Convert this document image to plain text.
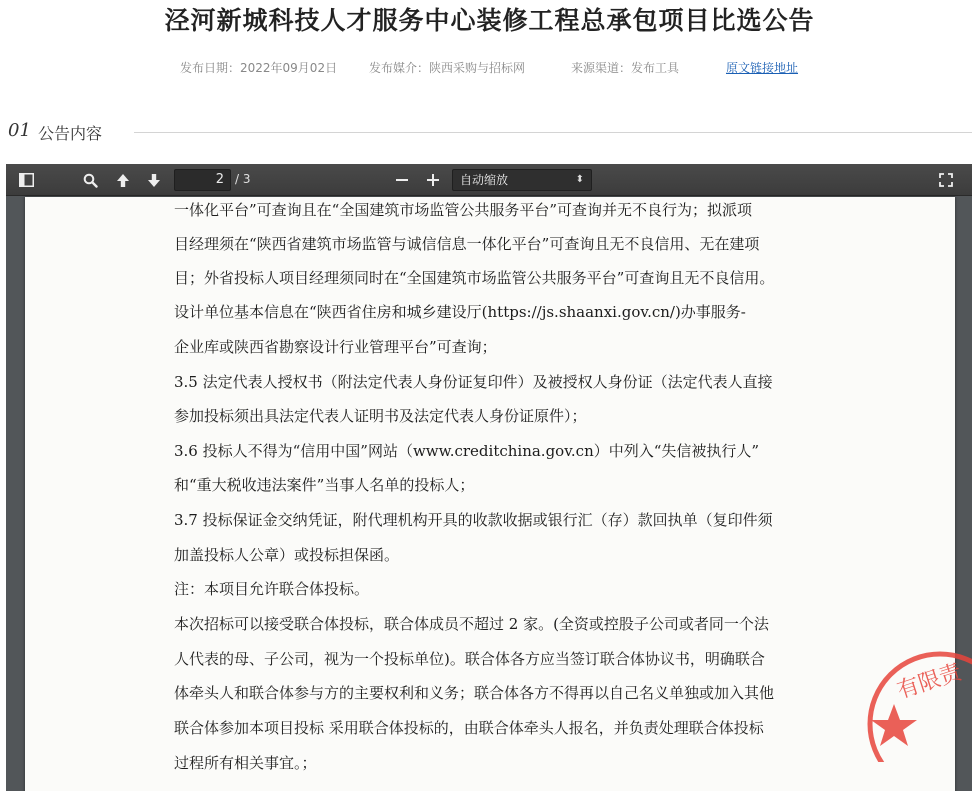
泾河新城科技人才服务中心装修工程总承包项目比选公告
发布日期：2022年09月02日	发布媒介：陕西采购与招标网	来源渠道：发布工具	原文链接地址
01 公告内容
2 / 3	自动缩放	⬍
一体化平台”可查询且在“全国建筑市场监管公共服务平台”可查询并无不良行为；拟派项
目经理须在“陕西省建筑市场监管与诚信信息一体化平台”可查询且无不良信用、无在建项
目；外省投标人项目经理须同时在“全国建筑市场监管公共服务平台”可查询且无不良信用。
设计单位基本信息在“陕西省住房和城乡建设厅(https://js.shaanxi.gov.cn/)办事服务-
企业库或陕西省勘察设计行业管理平台”可查询；
3.5 法定代表人授权书（附法定代表人身份证复印件）及被授权人身份证（法定代表人直接
参加投标须出具法定代表人证明书及法定代表人身份证原件）；
3.6 投标人不得为“信用中国”网站（www.creditchina.gov.cn）中列入“失信被执行人”
和“重大税收违法案件”当事人名单的投标人；
3.7 投标保证金交纳凭证，附代理机构开具的收款收据或银行汇（存）款回执单（复印件须
加盖投标人公章）或投标担保函。
注：本项目允许联合体投标。
本次招标可以接受联合体投标，联合体成员不超过 2 家。(全资或控股子公司或者同一个法
人代表的母、子公司，视为一个投标单位)。联合体各方应当签订联合体协议书，明确联合
体牵头人和联合体参与方的主要权利和义务；联合体各方不得再以自己名义单独或加入其他
联合体参加本项目投标 采用联合体投标的，由联合体牵头人报名，并负责处理联合体投标
过程所有相关事宜。；
有限责
